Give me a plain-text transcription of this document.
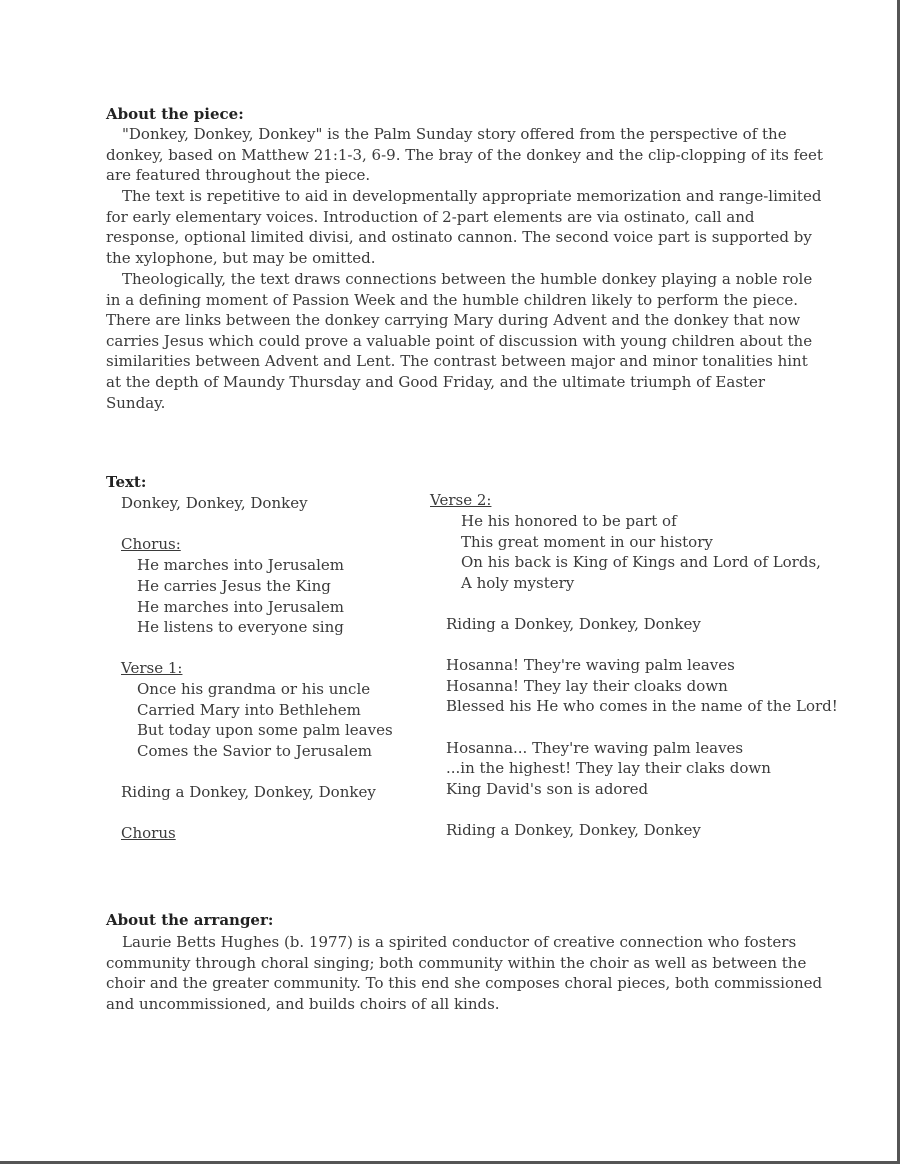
About the piece:

"Donkey, Donkey, Donkey" is the Palm Sunday story offered from the perspective of the donkey, based on Matthew 21:1-3, 6-9. The bray of the donkey and the clip-clopping of its feet are featured throughout the piece.

The text is repetitive to aid in developmentally appropriate memorization and range-limited for early elementary voices. Introduction of 2-part elements are via ostinato, call and response, optional limited divisi, and ostinato cannon. The second voice part is supported by the xylophone, but may be omitted.

Theologically, the text draws connections between the humble donkey playing a noble role in a defining moment of Passion Week and the humble children likely to perform the piece. There are links between the donkey carrying Mary during Advent and the donkey that now carries Jesus which could prove a valuable point of discussion with young children about the similarities between Advent and Lent. The contrast between major and minor tonalities hint at the depth of Maundy Thursday and Good Friday, and the ultimate triumph of Easter Sunday.

Text:
Donkey, Donkey, Donkey
Chorus:
He marches into Jerusalem
He carries Jesus the King
He marches into Jerusalem
He listens to everyone sing
Verse 1:
Once his grandma or his uncle
Carried Mary into Bethlehem
But today upon some palm leaves
Comes the Savior to Jerusalem
Riding a Donkey, Donkey, Donkey
Chorus
Verse 2:
He his honored to be part of
This great moment in our history
On his back is King of Kings and Lord of Lords,
A holy mystery
Riding a Donkey, Donkey, Donkey
Hosanna! They're waving palm leaves
Hosanna! They lay their cloaks down
Blessed his He who comes in the name of the Lord!
Hosanna... They're waving palm leaves
...in the highest! They lay their claks down
King David's son is adored
Riding a Donkey, Donkey, Donkey
About the arranger:

Laurie Betts Hughes (b. 1977) is a spirited conductor of creative connection who fosters community through choral singing; both community within the choir as well as between the choir and the greater community. To this end she composes choral pieces, both commissioned and uncommissioned, and builds choirs of all kinds.
